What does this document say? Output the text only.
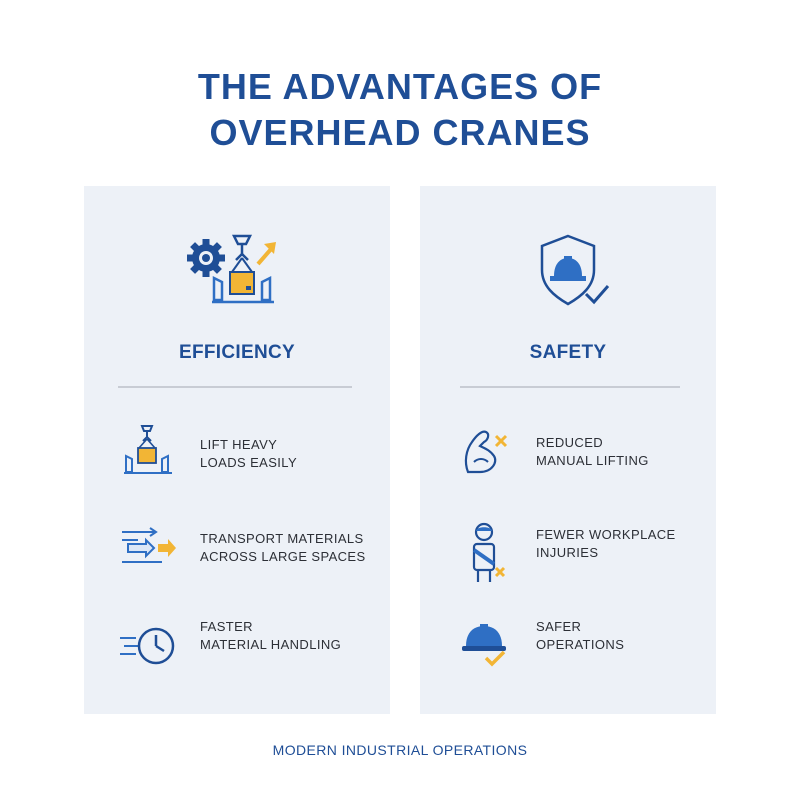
THE ADVANTAGES OF
OVERHEAD CRANES
EFFICIENCY
LIFT HEAVY
LOADS EASILY
TRANSPORT MATERIALS
ACROSS LARGE SPACES
FASTER
MATERIAL HANDLING
SAFETY
REDUCED
MANUAL LIFTING
FEWER WORKPLACE
INJURIES
SAFER
OPERATIONS
MODERN INDUSTRIAL OPERATIONS
